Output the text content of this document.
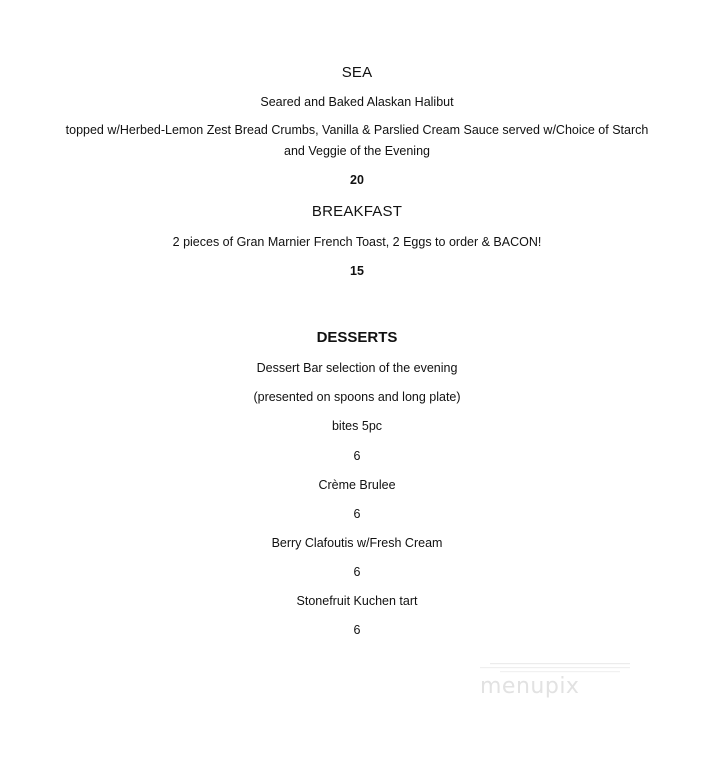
SEA
Seared and Baked Alaskan Halibut
topped w/Herbed-Lemon Zest Bread Crumbs, Vanilla & Parslied Cream Sauce served w/Choice of Starch and Veggie of the Evening
20
BREAKFAST
2 pieces of Gran Marnier French Toast, 2 Eggs to order & BACON!
15
DESSERTS
Dessert Bar selection of the evening
(presented on spoons and long plate)
bites 5pc
6
Crème Brulee
6
Berry Clafoutis w/Fresh Cream
6
Stonefruit Kuchen tart
6
menupix
